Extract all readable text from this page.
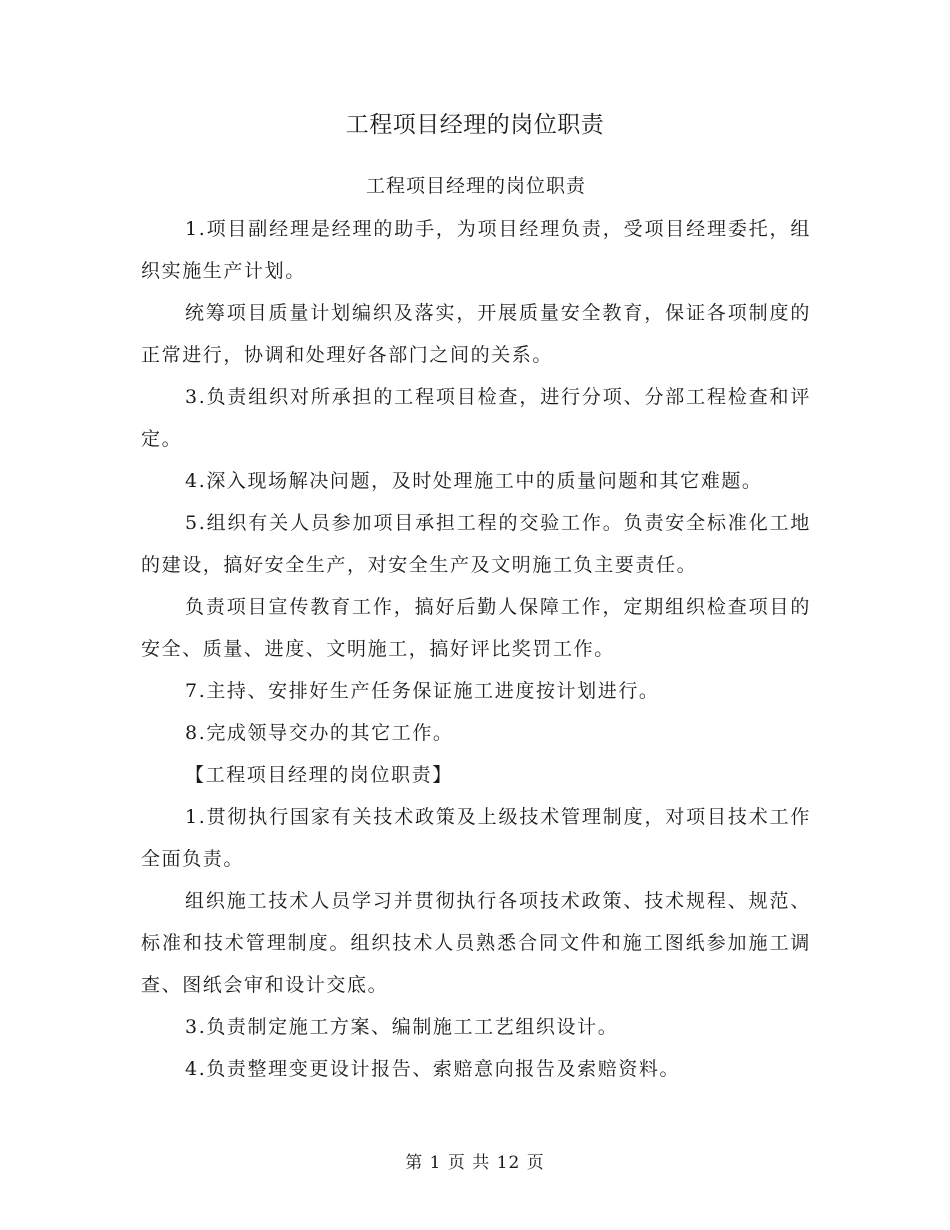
工程项目经理的岗位职责
工程项目经理的岗位职责

1.项目副经理是经理的助手，为项目经理负责，受项目经理委托，组织实施生产计划。

统筹项目质量计划编织及落实，开展质量安全教育，保证各项制度的正常进行，协调和处理好各部门之间的关系。

3.负责组织对所承担的工程项目检查，进行分项、分部工程检查和评定。

4.深入现场解决问题，及时处理施工中的质量问题和其它难题。

5.组织有关人员参加项目承担工程的交验工作。负责安全标准化工地的建设，搞好安全生产，对安全生产及文明施工负主要责任。

负责项目宣传教育工作，搞好后勤人保障工作，定期组织检查项目的安全、质量、进度、文明施工，搞好评比奖罚工作。

7.主持、安排好生产任务保证施工进度按计划进行。

8.完成领导交办的其它工作。

【工程项目经理的岗位职责】

1.贯彻执行国家有关技术政策及上级技术管理制度，对项目技术工作全面负责。

组织施工技术人员学习并贯彻执行各项技术政策、技术规程、规范、标准和技术管理制度。组织技术人员熟悉合同文件和施工图纸参加施工调查、图纸会审和设计交底。

3.负责制定施工方案、编制施工工艺组织设计。

4.负责整理变更设计报告、索赔意向报告及索赔资料。

第 1 页 共 12 页
